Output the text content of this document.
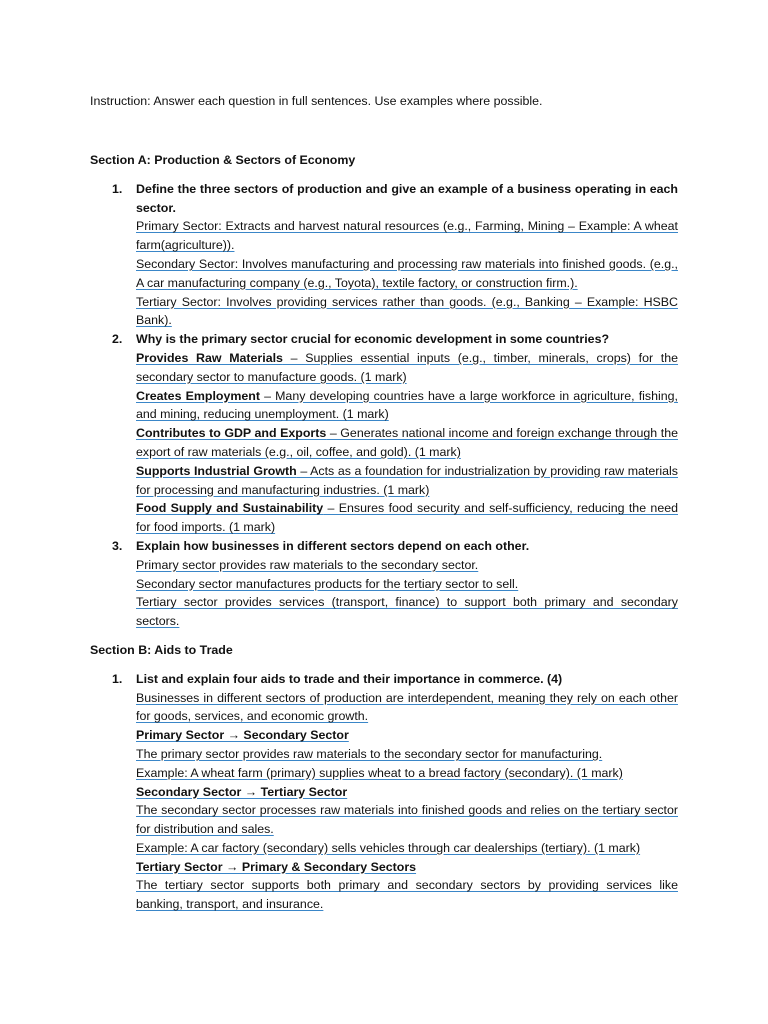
Instruction: Answer each question in full sentences. Use examples where possible.

Section A: Production & Sectors of Economy

1. Define the three sectors of production and give an example of a business operating in each sector.
Primary Sector: Extracts and harvest natural resources (e.g., Farming, Mining – Example: A wheat farm(agriculture)).
Secondary Sector: Involves manufacturing and processing raw materials into finished goods. (e.g., A car manufacturing company (e.g., Toyota), textile factory, or construction firm.).
Tertiary Sector: Involves providing services rather than goods. (e.g., Banking – Example: HSBC Bank).
2. Why is the primary sector crucial for economic development in some countries?
Provides Raw Materials – Supplies essential inputs (e.g., timber, minerals, crops) for the secondary sector to manufacture goods. (1 mark)
Creates Employment – Many developing countries have a large workforce in agriculture, fishing, and mining, reducing unemployment. (1 mark)
Contributes to GDP and Exports – Generates national income and foreign exchange through the export of raw materials (e.g., oil, coffee, and gold). (1 mark)
Supports Industrial Growth – Acts as a foundation for industrialization by providing raw materials for processing and manufacturing industries. (1 mark)
Food Supply and Sustainability – Ensures food security and self-sufficiency, reducing the need for food imports. (1 mark)
3. Explain how businesses in different sectors depend on each other.
Primary sector provides raw materials to the secondary sector.
Secondary sector manufactures products for the tertiary sector to sell.
Tertiary sector provides services (transport, finance) to support both primary and secondary sectors.

Section B: Aids to Trade

1. List and explain four aids to trade and their importance in commerce. (4)
Businesses in different sectors of production are interdependent, meaning they rely on each other for goods, services, and economic growth.
Primary Sector → Secondary Sector
The primary sector provides raw materials to the secondary sector for manufacturing.
Example: A wheat farm (primary) supplies wheat to a bread factory (secondary). (1 mark)
Secondary Sector → Tertiary Sector
The secondary sector processes raw materials into finished goods and relies on the tertiary sector for distribution and sales.
Example: A car factory (secondary) sells vehicles through car dealerships (tertiary). (1 mark)
Tertiary Sector → Primary & Secondary Sectors
The tertiary sector supports both primary and secondary sectors by providing services like banking, transport, and insurance.
